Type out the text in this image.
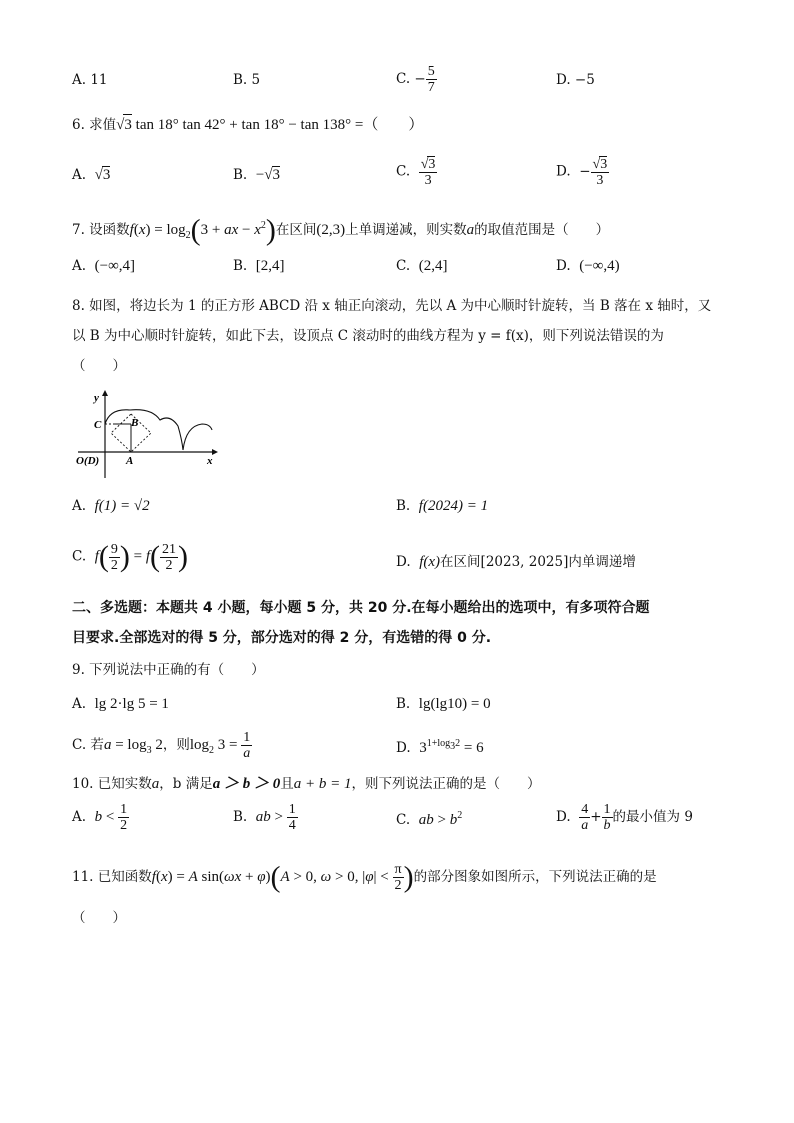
A. 11	B. 5	C. − $\frac{5}{7}$	D. −5
6. 求值√3 tan 18° tan 42° + tan 18° − tan 138° =（　　）
A. √3	B. −√3	C. $\frac{√3}{3}$	D.  − $\frac{√3}{3}$
7. 设函数$f(x) = \log_2(3$ + ax − $x^2$)在区间(2,3)上单调递减，则实数a的取值范围是（　　）
A.  (−∞,4]	B.  [2,4]	C.  (2,4]	D.  (−∞,4)
8. 如图，将边长为 1 的正方形 ABCD 沿 x 轴正向滚动，先以 A 为中心顺时针旋转，当 B 落在 x 轴时，又
以 B 为中心顺时针旋转，如此下去，设顶点 C 滚动时的曲线方程为 y = f(x)，则下列说法错误的为
（　　）
y
x
C	B
A
O(D)
A.  f(1) = √2	B.  f(2024) = 1
C. $f( \frac{9}{2}$ ) = $f( \frac{21}{2}$ )	D.  f(x)在区间[2023, 2025]内单调递增
二、多选题：本题共 4 小题，每小题 5 分，共 20 分.在每小题给出的选项中，有多项符合题
目要求.全部选对的得 5 分，部分选对的得 2 分，有选错的得 0 分.
9. 下列说法中正确的有（　　）
A.  lg 2·lg 5 = 1	B.  lg(lg10) = 0
C. 若$a = \log_3 2$，则$\log_2 3 = \frac{1}{a}$	D. $3^{1+log_32} = 6$
10. 已知实数a，b 满足a ＞ b ＞ 0且a + b = 1，则下列说法正确的是（　　）
A.  $b < \frac{1}{2}$	B.  ab > $\frac{1}{4}$	C.  ab > $b^2$	D. $\frac{4}{a} + \frac{1}{b}$ 的最小值为 9
11. 已知函数f(x) = A sin(ωx + φ)(A > 0, ω > 0, $|\varphi| < \frac{\pi}{2}$ )的部分图象如图所示，下列说法正确的是
（　　）
